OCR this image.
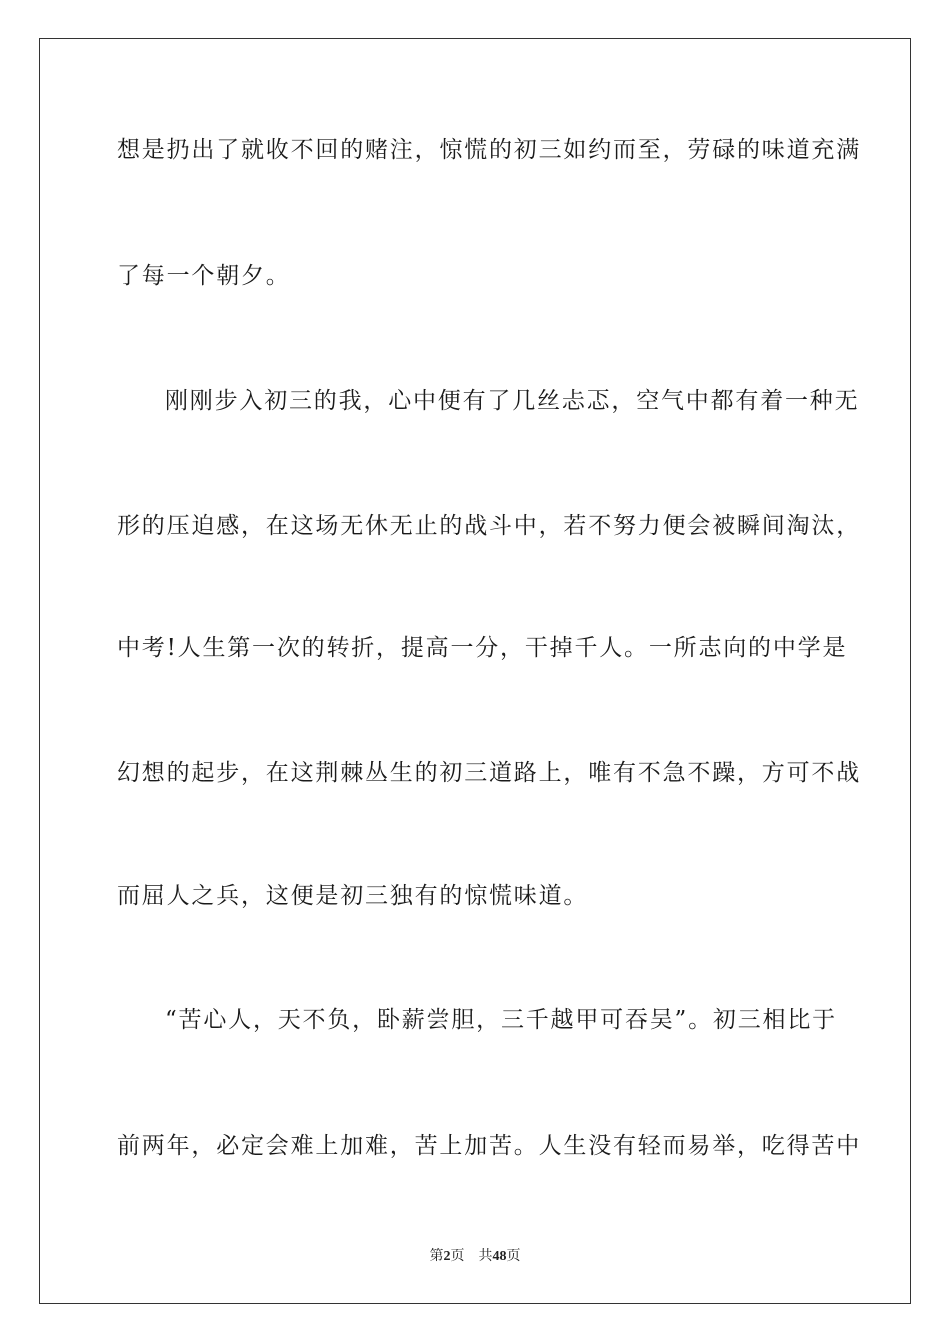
想是扔出了就收不回的赌注，惊慌的初三如约而至，劳碌的味道充满
了每一个朝夕。
刚刚步入初三的我，心中便有了几丝忐忑，空气中都有着一种无
形的压迫感，在这场无休无止的战斗中，若不努力便会被瞬间淘汰，
中考!人生第一次的转折，提高一分，干掉千人。一所志向的中学是
幻想的起步，在这荆棘丛生的初三道路上，唯有不急不躁，方可不战
而屈人之兵，这便是初三独有的惊慌味道。
“苦心人，天不负，卧薪尝胆，三千越甲可吞吴”。初三相比于
前两年，必定会难上加难，苦上加苦。人生没有轻而易举，吃得苦中
第2页 共48页
